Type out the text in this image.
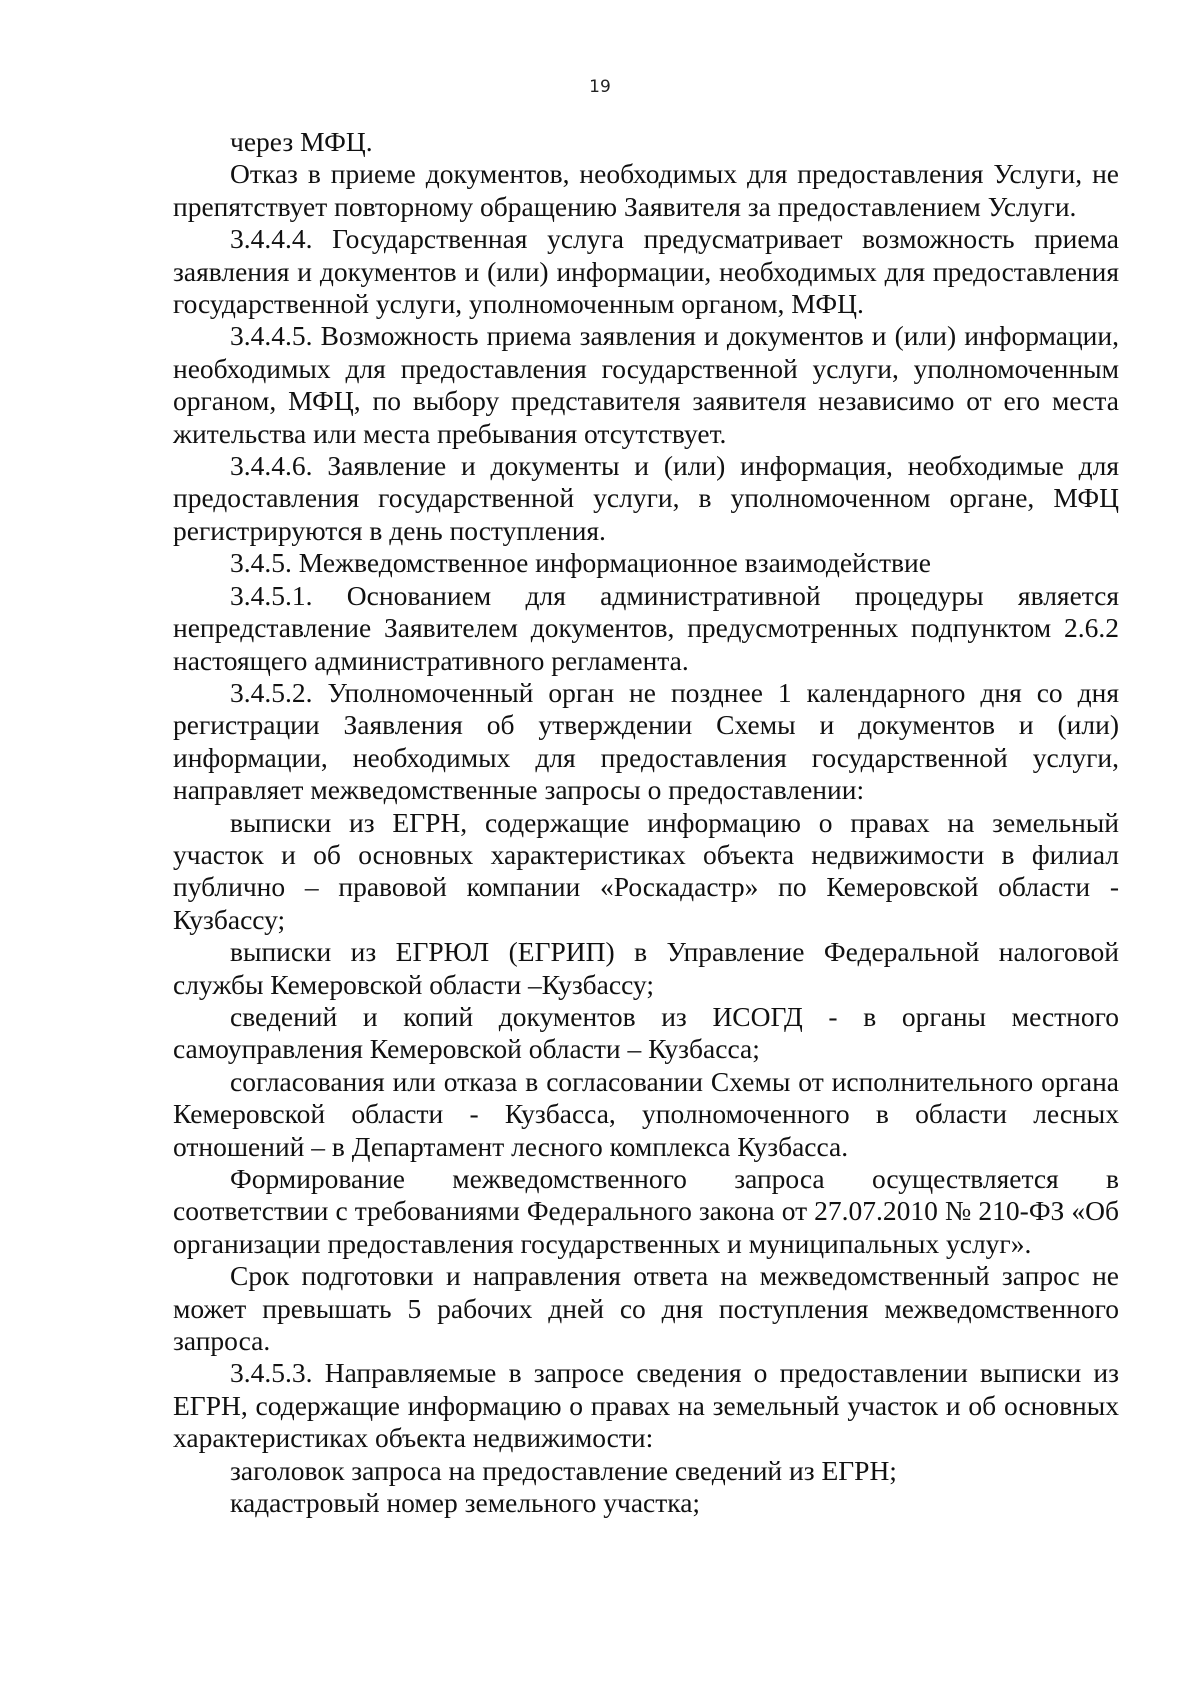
19

через МФЦ.

Отказ в приеме документов, необходимых для предоставления Услуги, не препятствует повторному обращению Заявителя за предоставлением Услуги.

3.4.4.4. Государственная услуга предусматривает возможность приема заявления и документов и (или) информации, необходимых для предоставления государственной услуги, уполномоченным органом, МФЦ.

3.4.4.5. Возможность приема заявления и документов и (или) информации, необходимых для предоставления государственной услуги, уполномоченным органом, МФЦ, по выбору представителя заявителя независимо от его места жительства или места пребывания отсутствует.

3.4.4.6. Заявление и документы и (или) информация, необходимые для предоставления государственной услуги, в уполномоченном органе, МФЦ регистрируются в день поступления.

3.4.5. Межведомственное информационное взаимодействие

3.4.5.1. Основанием для административной процедуры является непредставление Заявителем документов, предусмотренных подпунктом 2.6.2 настоящего административного регламента.

3.4.5.2. Уполномоченный орган не позднее 1 календарного дня со дня регистрации Заявления об утверждении Схемы и документов и (или) информации, необходимых для предоставления государственной услуги, направляет межведомственные запросы о предоставлении:

выписки из ЕГРН, содержащие информацию о правах на земельный участок и об основных характеристиках объекта недвижимости в филиал публично – правовой компании «Роскадастр» по Кемеровской области - Кузбассу;

выписки из ЕГРЮЛ (ЕГРИП) в Управление Федеральной налоговой службы Кемеровской области –Кузбассу;

сведений и копий документов из ИСОГД - в органы местного самоуправления Кемеровской области – Кузбасса;

согласования или отказа в согласовании Схемы от исполнительного органа Кемеровской области - Кузбасса, уполномоченного в области лесных отношений – в Департамент лесного комплекса Кузбасса.

Формирование межведомственного запроса осуществляется в соответствии с требованиями Федерального закона от 27.07.2010 № 210-ФЗ «Об организации предоставления государственных и муниципальных услуг».

Срок подготовки и направления ответа на межведомственный запрос не может превышать 5 рабочих дней со дня поступления межведомственного запроса.

3.4.5.3. Направляемые в запросе сведения о предоставлении выписки из ЕГРН, содержащие информацию о правах на земельный участок и об основных характеристиках объекта недвижимости:

заголовок запроса на предоставление сведений из ЕГРН;

кадастровый номер земельного участка;
